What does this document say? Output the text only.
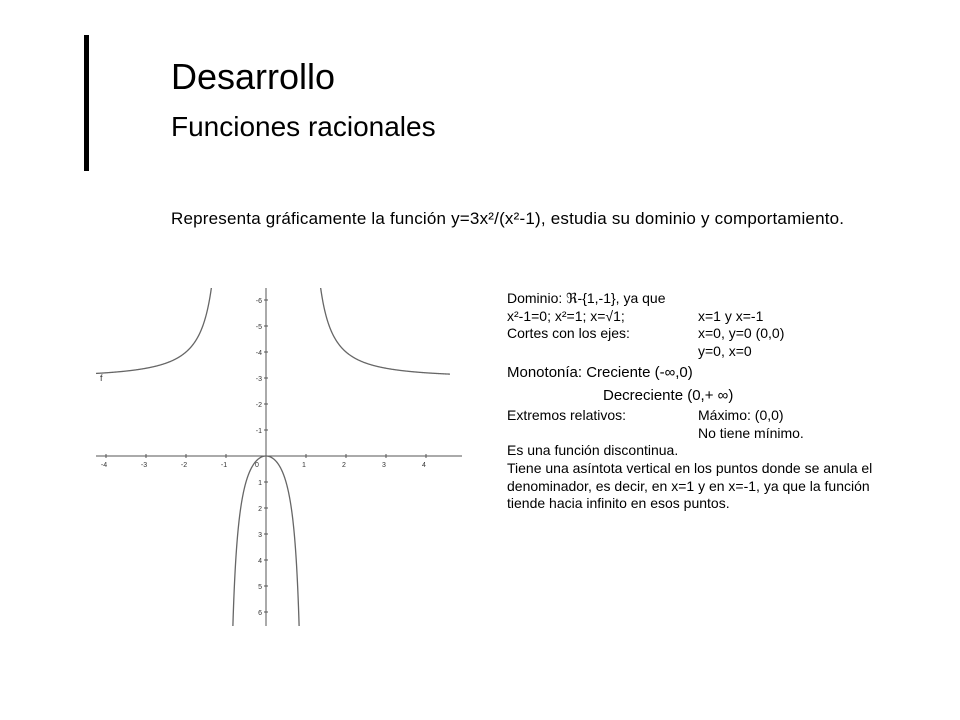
Desarrollo
Funciones racionales
Representa gráficamente la función y=3x²/(x²-1), estudia su dominio y comportamiento.
-4	-3	-2	-1	0	1	2	3	4
6
5
4
3
2
1
-1
-2
-3
-4
-5
-6
f
Dominio: ℜ-{1,-1}, ya que
x²-1=0; x²=1; x=√1;	x=1 y x=-1
Cortes con los ejes:	x=0, y=0 (0,0)
y=0, x=0
Monotonía: Creciente (-∞,0)
Decreciente (0,+ ∞)
Extremos relativos:	Máximo: (0,0)
No tiene mínimo.
Es una función discontinua.
Tiene una asíntota vertical en los puntos donde se anula el denominador, es decir, en x=1 y en x=-1, ya que la función tiende hacia infinito en esos puntos.
